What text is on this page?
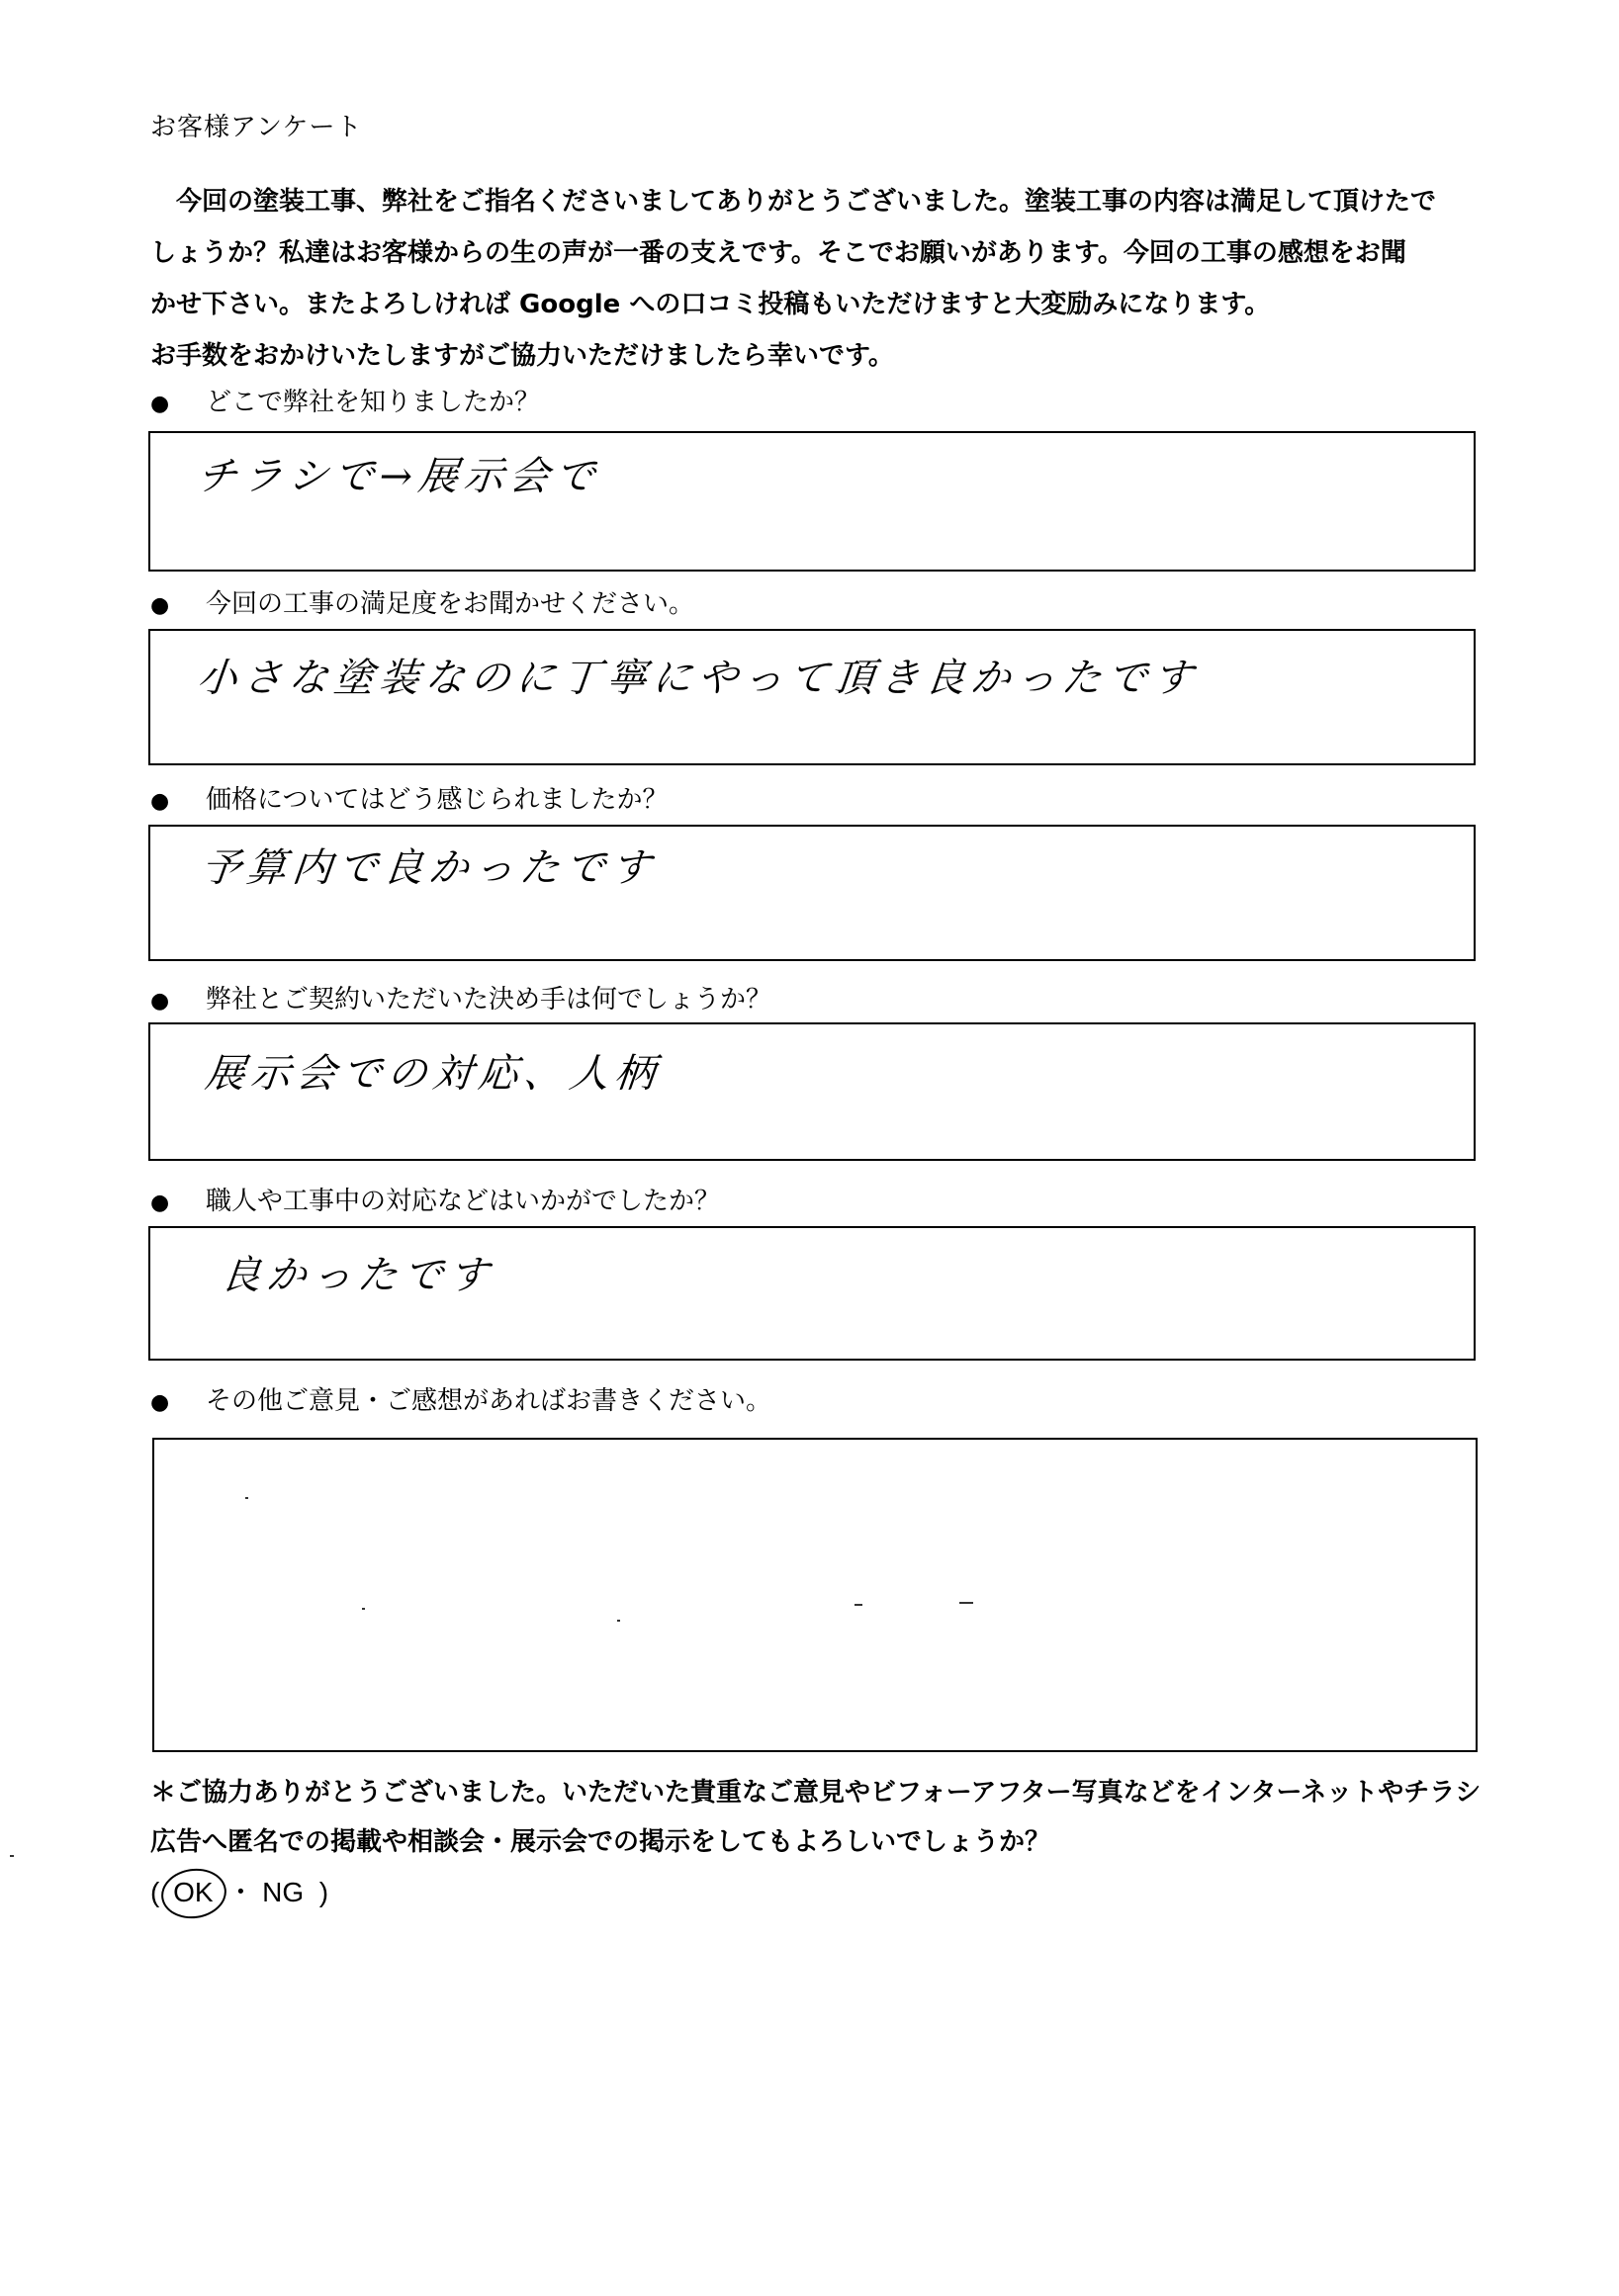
お客様アンケート

今回の塗装工事、弊社をご指名くださいましてありがとうございました。塗装工事の内容は満足して頂けたで

しょうか？私達はお客様からの生の声が一番の支えです。そこでお願いがあります。今回の工事の感想をお聞

かせ下さい。またよろしければ Google への口コミ投稿もいただけますと大変励みになります。

お手数をおかけいたしますがご協力いただけましたら幸いです。

● どこで弊社を知りましたか？
チラシで→展示会で
● 今回の工事の満足度をお聞かせください。
小さな塗装なのに丁寧にやって頂き良かったです
● 価格についてはどう感じられましたか？
予算内で良かったです
● 弊社とご契約いただいた決め手は何でしょうか？
展示会での対応、人柄
● 職人や工事中の対応などはいかがでしたか？
良かったです
● その他ご意見・ご感想があればお書きください。

＊ご協力ありがとうございました。いただいた貴重なご意見やビフォーアフター写真などをインターネットやチラシ

広告へ匿名での掲載や相談会・展示会での掲示をしてもよろしいでしょうか？

( OK ・ NG )
